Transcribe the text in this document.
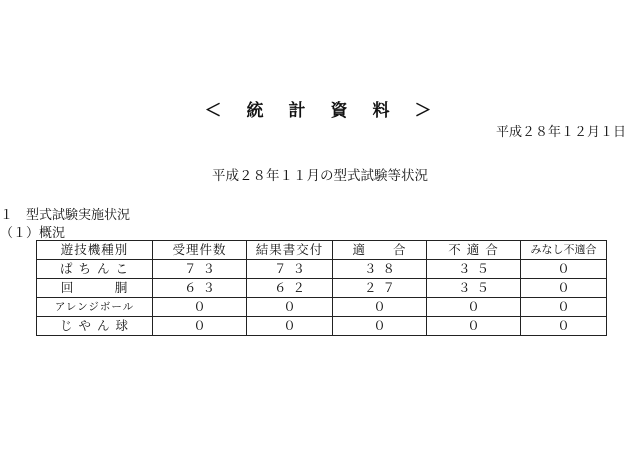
＜　統　計　資　料　＞
平成２８年１２月１日
平成２８年１１月の型式試験等状況
１　型式試験実施状況
（１）概況
遊技機種別	受理件数	結果書交付	適　　合	不 適 合	みなし不適合
ぱ ち ん こ	７３	７３	３８	３５	０
回　　　胴	６３	６２	２７	３５	０
アレンジボール	０	０	０	０	０
じ や ん 球	０	０	０	０	０
